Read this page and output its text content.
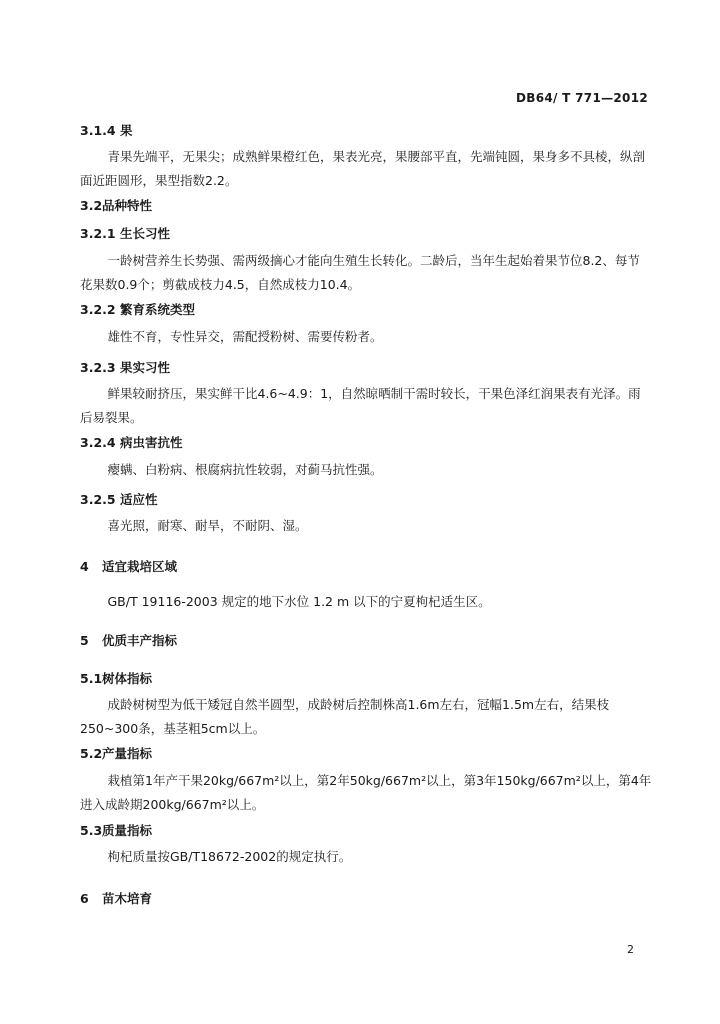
DB64/ T 771—2012
3.1.4 果
青果先端平，无果尖；成熟鲜果橙红色，果表光亮，果腰部平直，先端钝圆，果身多不具棱，纵剖面近距圆形，果型指数2.2。
3.2品种特性
3.2.1 生长习性
一龄树营养生长势强、需两级摘心才能向生殖生长转化。二龄后，当年生起始着果节位8.2、每节花果数0.9个；剪截成枝力4.5，自然成枝力10.4。
3.2.2 繁育系统类型
雄性不育，专性异交，需配授粉树、需要传粉者。
3.2.3 果实习性
鲜果较耐挤压，果实鲜干比4.6~4.9：1，自然晾晒制干需时较长，干果色泽红润果表有光泽。雨后易裂果。
3.2.4 病虫害抗性
瘿螨、白粉病、根腐病抗性较弱，对蓟马抗性强。
3.2.5 适应性
喜光照，耐寒、耐旱，不耐阴、湿。
4 适宜栽培区域
GB/T 19116-2003 规定的地下水位 1.2 m 以下的宁夏枸杞适生区。
5 优质丰产指标
5.1树体指标
成龄树树型为低干矮冠自然半圆型，成龄树后控制株高1.6m左右，冠幅1.5m左右，结果枝250~300条，基茎粗5cm以上。
5.2产量指标
栽植第1年产干果20kg/667m²以上，第2年50kg/667m²以上，第3年150kg/667m²以上，第4年进入成龄期200kg/667m²以上。
5.3质量指标
枸杞质量按GB/T18672-2002的规定执行。
6 苗木培育
2
